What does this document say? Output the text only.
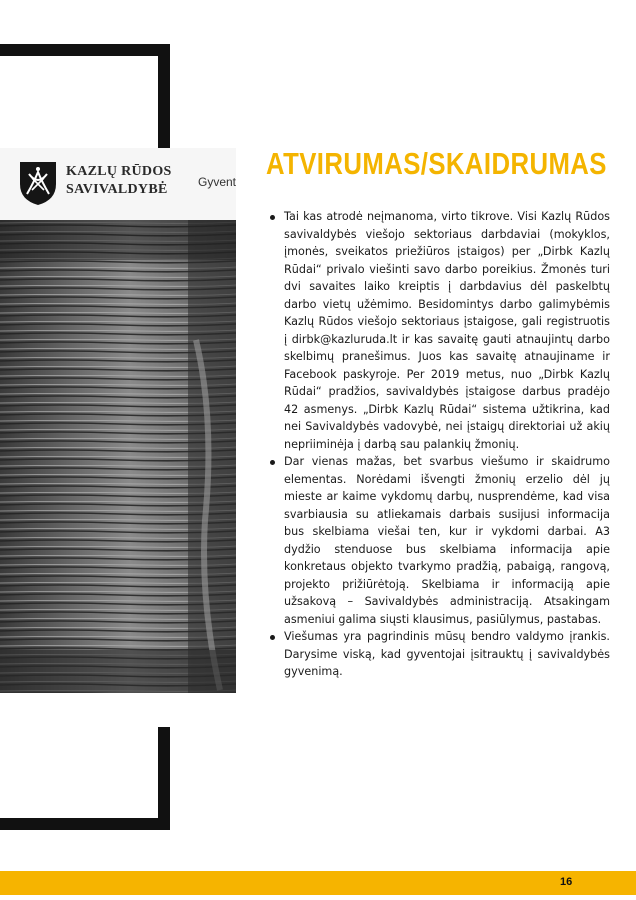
KAZLŲ RŪDOS
SAVIVALDYBĖ	Gyvent
ATVIRUMAS/SKAIDRUMAS
Tai kas atrodė neįmanoma, virto tikrove. Visi Kazlų Rūdos savivaldybės viešojo sektoriaus darbdaviai (mokyklos, įmonės, sveikatos priežiūros įstaigos) per „Dirbk Kazlų Rūdai“ privalo viešinti savo darbo poreikius. Žmonės turi dvi savaites laiko kreiptis į darbdavius dėl paskelbtų darbo vietų užėmimo. Besidomintys darbo galimybėmis Kazlų Rūdos viešojo sektoriaus įstaigose, gali registruotis į dirbk@kazluruda.lt ir kas savaitę gauti atnaujintų darbo skelbimų pranešimus. Juos kas savaitę atnaujiname ir Facebook paskyroje. Per 2019 metus, nuo „Dirbk Kazlų Rūdai“ pradžios, savivaldybės įstaigose darbus pradėjo 42 asmenys. „Dirbk Kazlų Rūdai“ sistema užtikrina, kad nei Savivaldybės vadovybė, nei įstaigų direktoriai už akių nepriiminėja į darbą sau palankių žmonių.
Dar vienas mažas, bet svarbus viešumo ir skaidrumo elementas. Norėdami išvengti žmonių erzelio dėl jų mieste ar kaime vykdomų darbų, nusprendėme, kad visa svarbiausia su atliekamais darbais susijusi informacija bus skelbiama viešai ten, kur ir vykdomi darbai. A3 dydžio stenduose bus skelbiama informacija apie konkretaus objekto tvarkymo pradžią, pabaigą, rangovą, projekto prižiūrėtoją. Skelbiama ir informaciją apie užsakovą – Savivaldybės administraciją. Atsakingam asmeniui galima siųsti klausimus, pasiūlymus, pastabas.
Viešumas yra pagrindinis mūsų bendro valdymo įrankis. Darysime viską, kad gyventojai įsitrauktų į savivaldybės gyvenimą.
16
